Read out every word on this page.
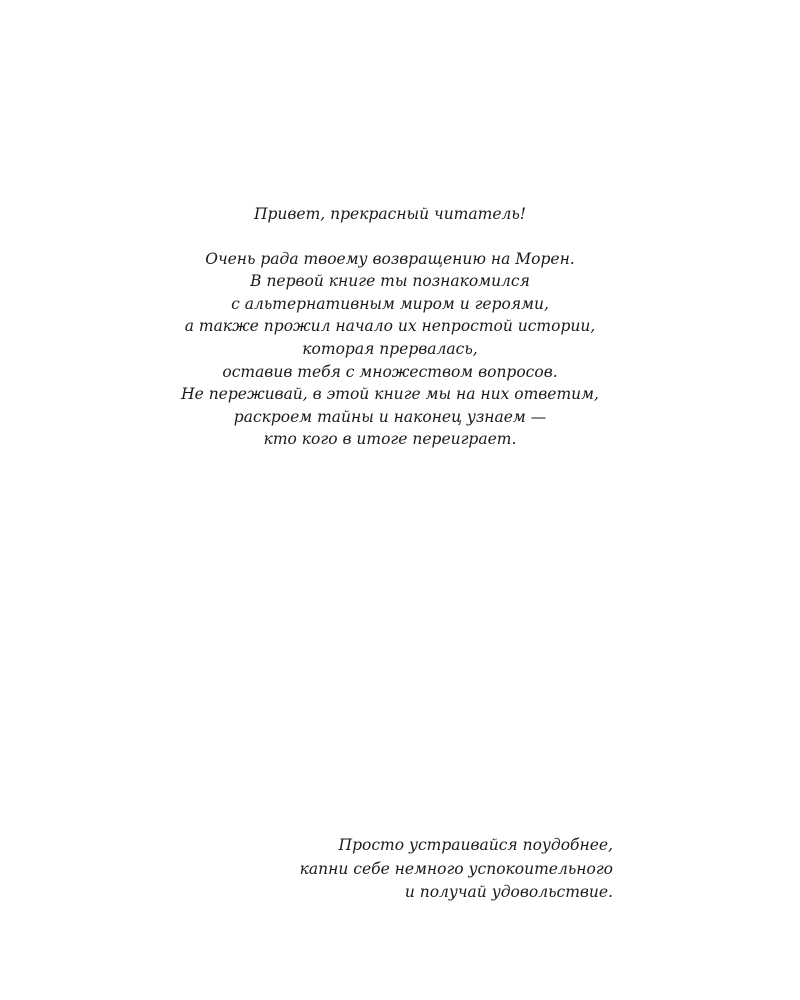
Привет, прекрасный читатель!
Очень рада твоему возвращению на Морен.
В первой книге ты познакомился
с альтернативным миром и героями,
а также прожил начало их непростой истории,
которая прервалась,
оставив тебя с множеством вопросов.
Не переживай, в этой книге мы на них ответим,
раскроем тайны и наконец узнаем —
кто кого в итоге переиграет.
Просто устраивайся поудобнее,
капни себе немного успокоительного
и получай удовольствие.
